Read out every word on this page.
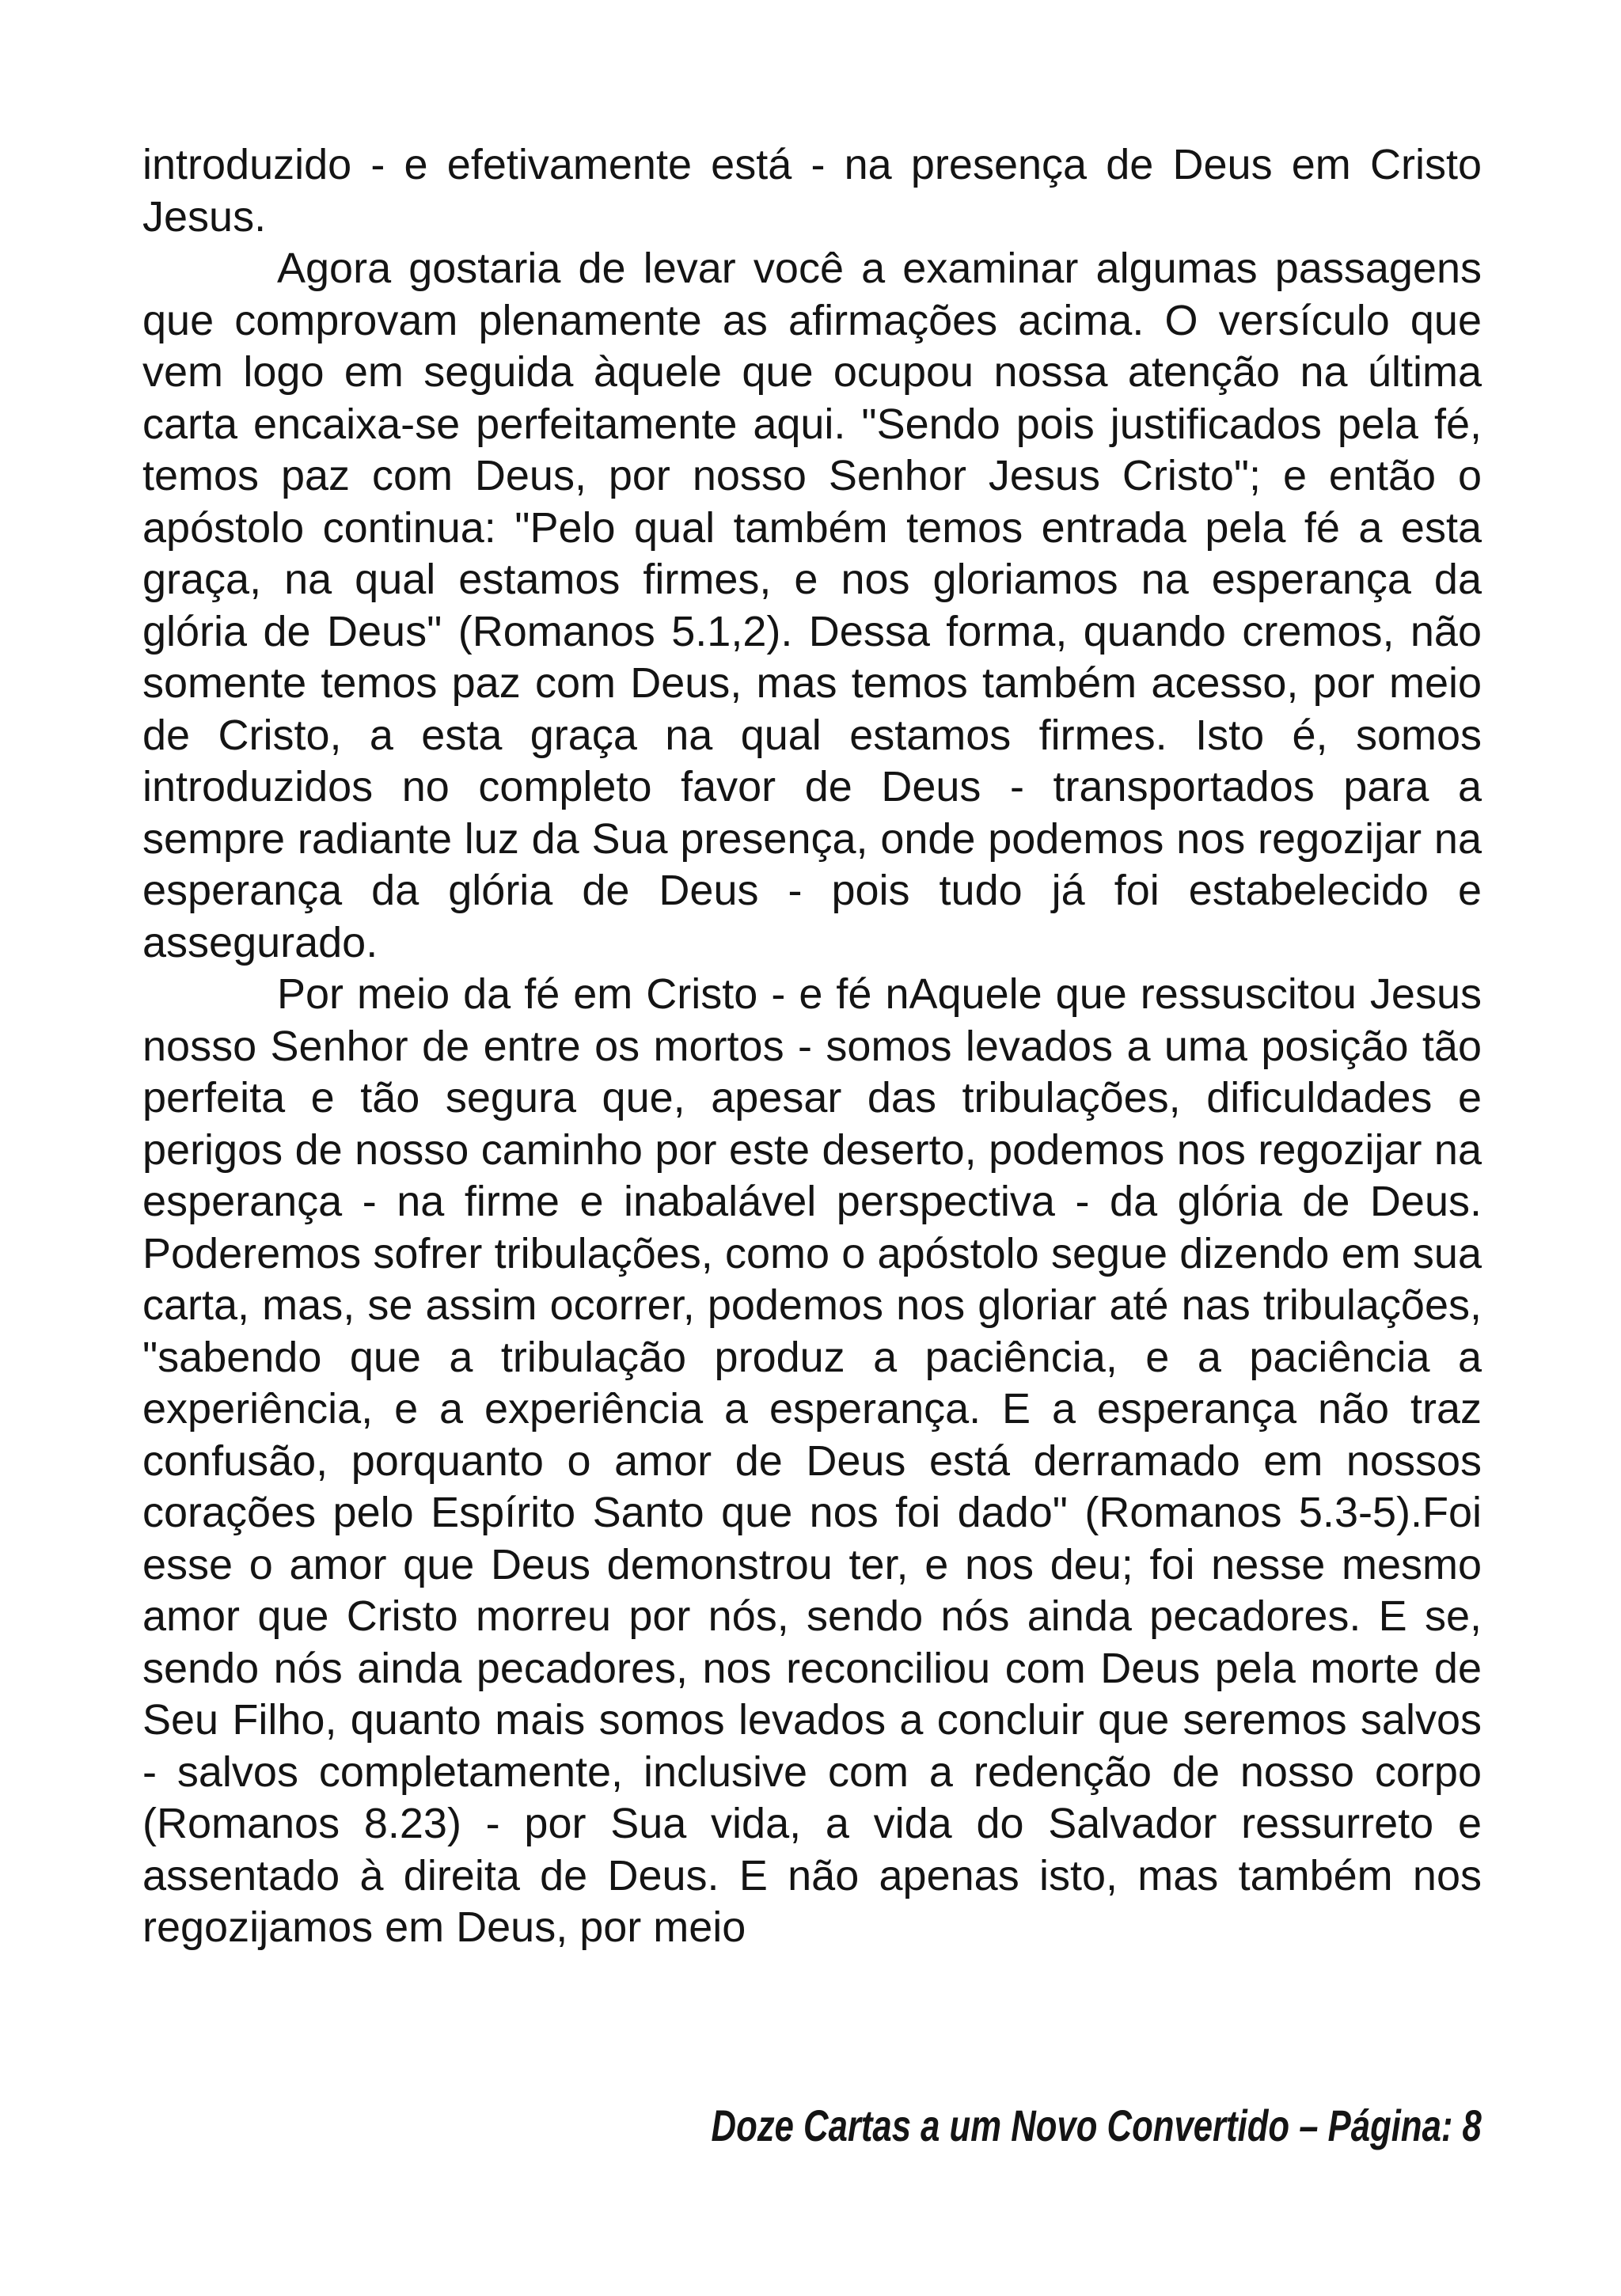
introduzido - e efetivamente está - na presença de Deus em Cristo Jesus.

Agora gostaria de levar você a examinar algumas passagens que comprovam plenamente as afirmações acima. O versículo que vem logo em seguida àquele que ocupou nossa atenção na última carta encaixa-se perfeitamente aqui. "Sendo pois justificados pela fé, temos paz com Deus, por nosso Senhor Jesus Cristo"; e então o apóstolo continua: "Pelo qual também temos entrada pela fé a esta graça, na qual estamos firmes, e nos gloriamos na esperança da glória de Deus" (Romanos 5.1,2). Dessa forma, quando cremos, não somente temos paz com Deus, mas temos também acesso, por meio de Cristo, a esta graça na qual estamos firmes. Isto é, somos introduzidos no completo favor de Deus - transportados para a sempre radiante luz da Sua presença, onde podemos nos regozijar na esperança da glória de Deus - pois tudo já foi estabelecido e assegurado.

Por meio da fé em Cristo - e fé nAquele que ressuscitou Jesus nosso Senhor de entre os mortos - somos levados a uma posição tão perfeita e tão segura que, apesar das tribulações, dificuldades e perigos de nosso caminho por este deserto, podemos nos regozijar na esperança - na firme e inabalável perspectiva - da glória de Deus. Poderemos sofrer tribulações, como o apóstolo segue dizendo em sua carta, mas, se assim ocorrer, podemos nos gloriar até nas tribulações, "sabendo que a tribulação produz a paciência, e a paciência a experiência, e a experiência a esperança. E a esperança não traz confusão, porquanto o amor de Deus está derramado em nossos corações pelo Espírito Santo que nos foi dado" (Romanos 5.3-5).Foi esse o amor que Deus demonstrou ter, e nos deu; foi nesse mesmo amor que Cristo morreu por nós, sendo nós ainda pecadores. E se, sendo nós ainda pecadores, nos reconciliou com Deus pela morte de Seu Filho, quanto mais somos levados a concluir que seremos salvos - salvos completamente, inclusive com a redenção de nosso corpo (Romanos 8.23) - por Sua vida, a vida do Salvador ressurreto e assentado à direita de Deus. E não apenas isto, mas também nos regozijamos em Deus, por meio

Doze Cartas a um Novo Convertido – Página: 8
